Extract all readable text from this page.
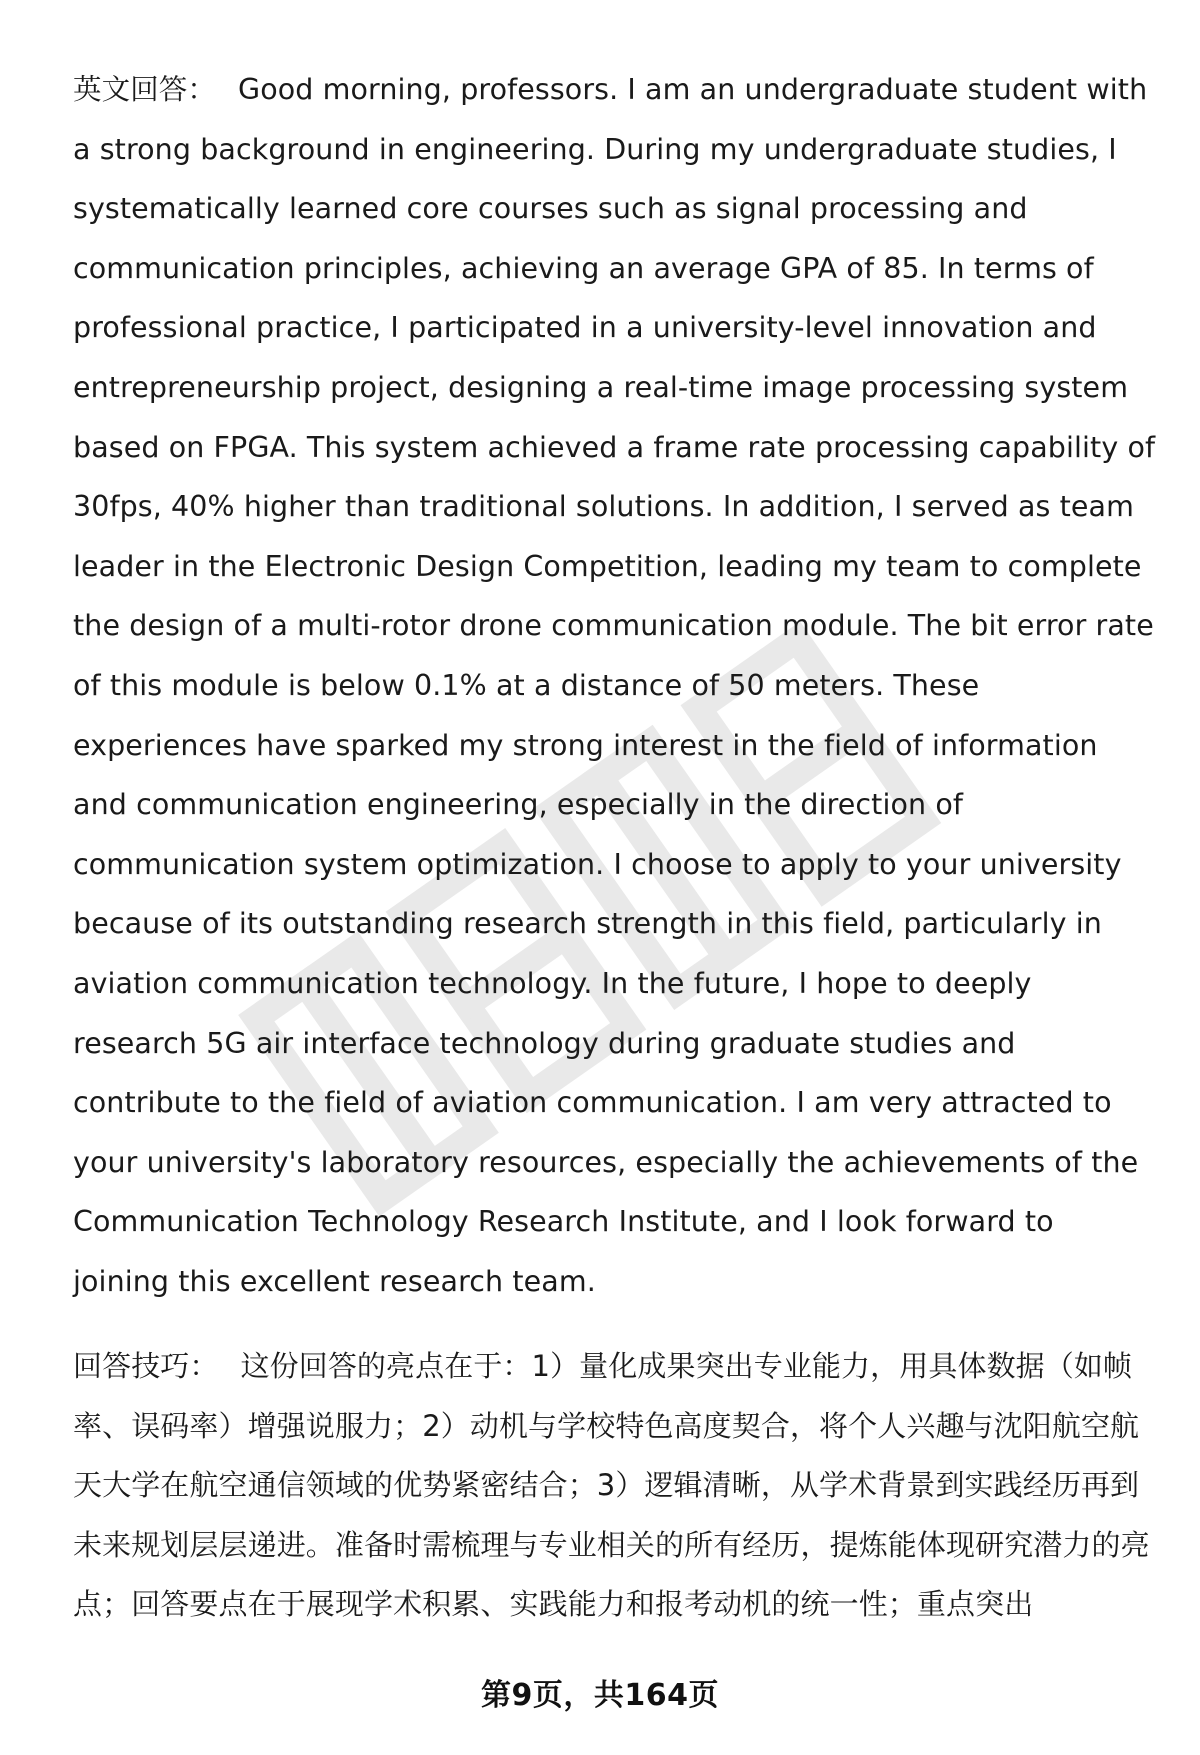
英文回答： Good morning, professors. I am an undergraduate student with a strong background in engineering. During my undergraduate studies, I systematically learned core courses such as signal processing and communication principles, achieving an average GPA of 85. In terms of professional practice, I participated in a university-level innovation and entrepreneurship project, designing a real-time image processing system based on FPGA. This system achieved a frame rate processing capability of 30fps, 40% higher than traditional solutions. In addition, I served as team leader in the Electronic Design Competition, leading my team to complete the design of a multi-rotor drone communication module. The bit error rate of this module is below 0.1% at a distance of 50 meters. These experiences have sparked my strong interest in the field of information and communication engineering, especially in the direction of communication system optimization. I choose to apply to your university because of its outstanding research strength in this field, particularly in aviation communication technology. In the future, I hope to deeply research 5G air interface technology during graduate studies and contribute to the field of aviation communication. I am very attracted to your university's laboratory resources, especially the achievements of the Communication Technology Research Institute, and I look forward to joining this excellent research team.

回答技巧： 这份回答的亮点在于：1）量化成果突出专业能力，用具体数据（如帧率、误码率）增强说服力；2）动机与学校特色高度契合，将个人兴趣与沈阳航空航天大学在航空通信领域的优势紧密结合；3）逻辑清晰，从学术背景到实践经历再到未来规划层层递进。准备时需梳理与专业相关的所有经历，提炼能体现研究潜力的亮点；回答要点在于展现学术积累、实践能力和报考动机的统一性；重点突出

第9页，共164页
